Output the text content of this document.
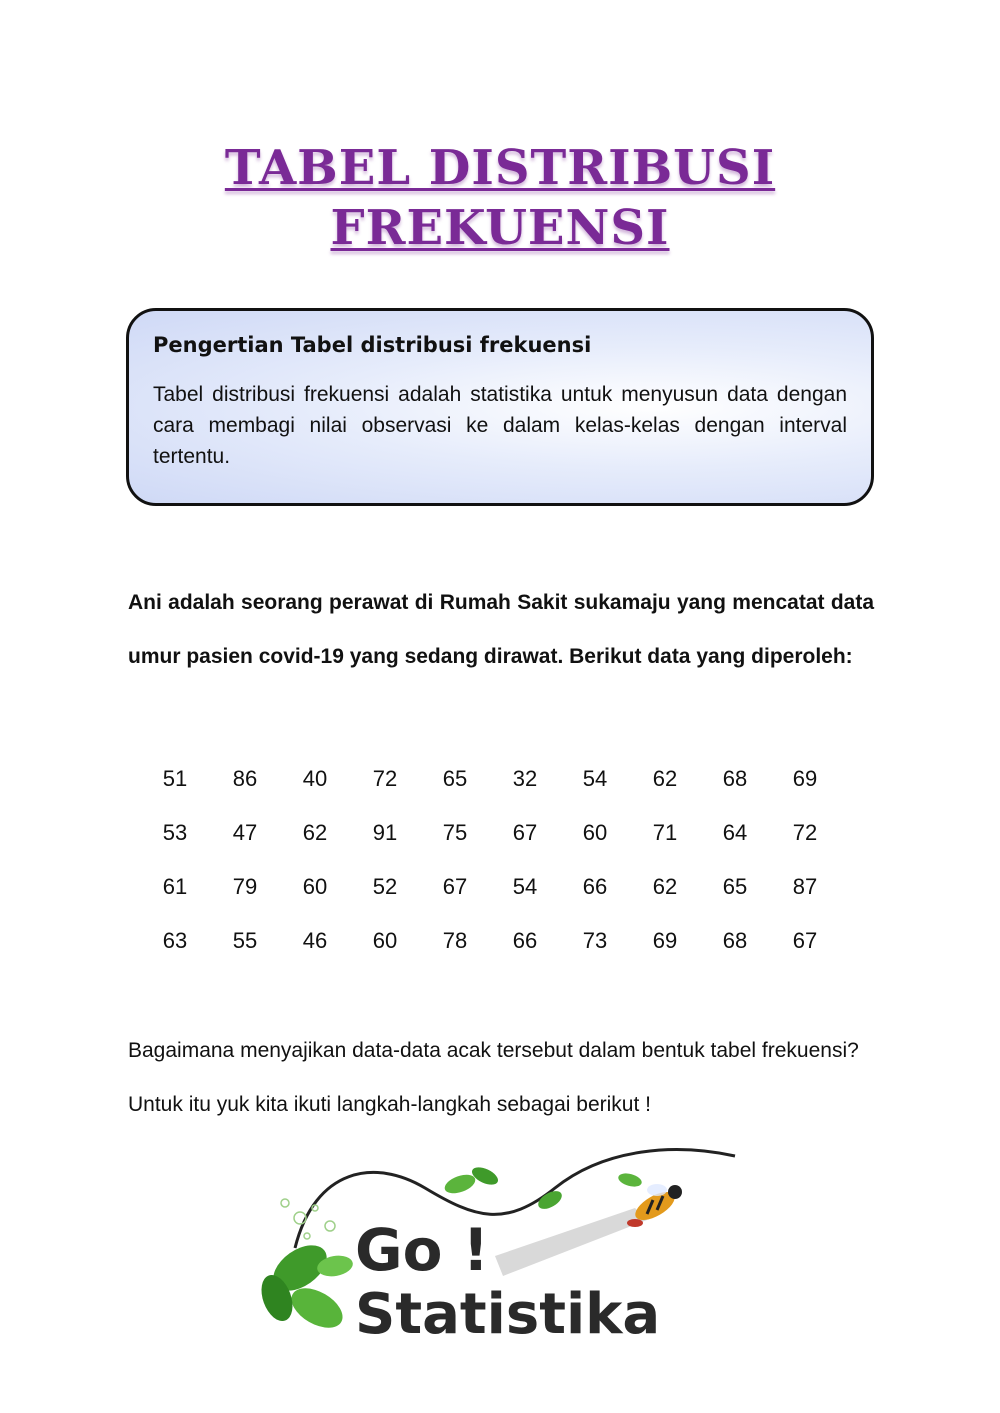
TABEL DISTRIBUSI
FREKUENSI
Pengertian Tabel distribusi frekuensi
Tabel distribusi frekuensi adalah statistika untuk menyusun data dengan cara membagi nilai observasi ke dalam kelas-kelas dengan interval tertentu.

Ani adalah seorang perawat di Rumah Sakit sukamaju yang mencatat data umur pasien covid-19 yang sedang dirawat. Berikut data yang diperoleh:

51	86	40	72	65	32	54	62	68	69
53	47	62	91	75	67	60	71	64	72
61	79	60	52	67	54	66	62	65	87
63	55	46	60	78	66	73	69	68	67

Bagaimana menyajikan data-data acak tersebut dalam bentuk tabel frekuensi? Untuk itu yuk kita ikuti langkah-langkah sebagai berikut !

Go !
Statistika
